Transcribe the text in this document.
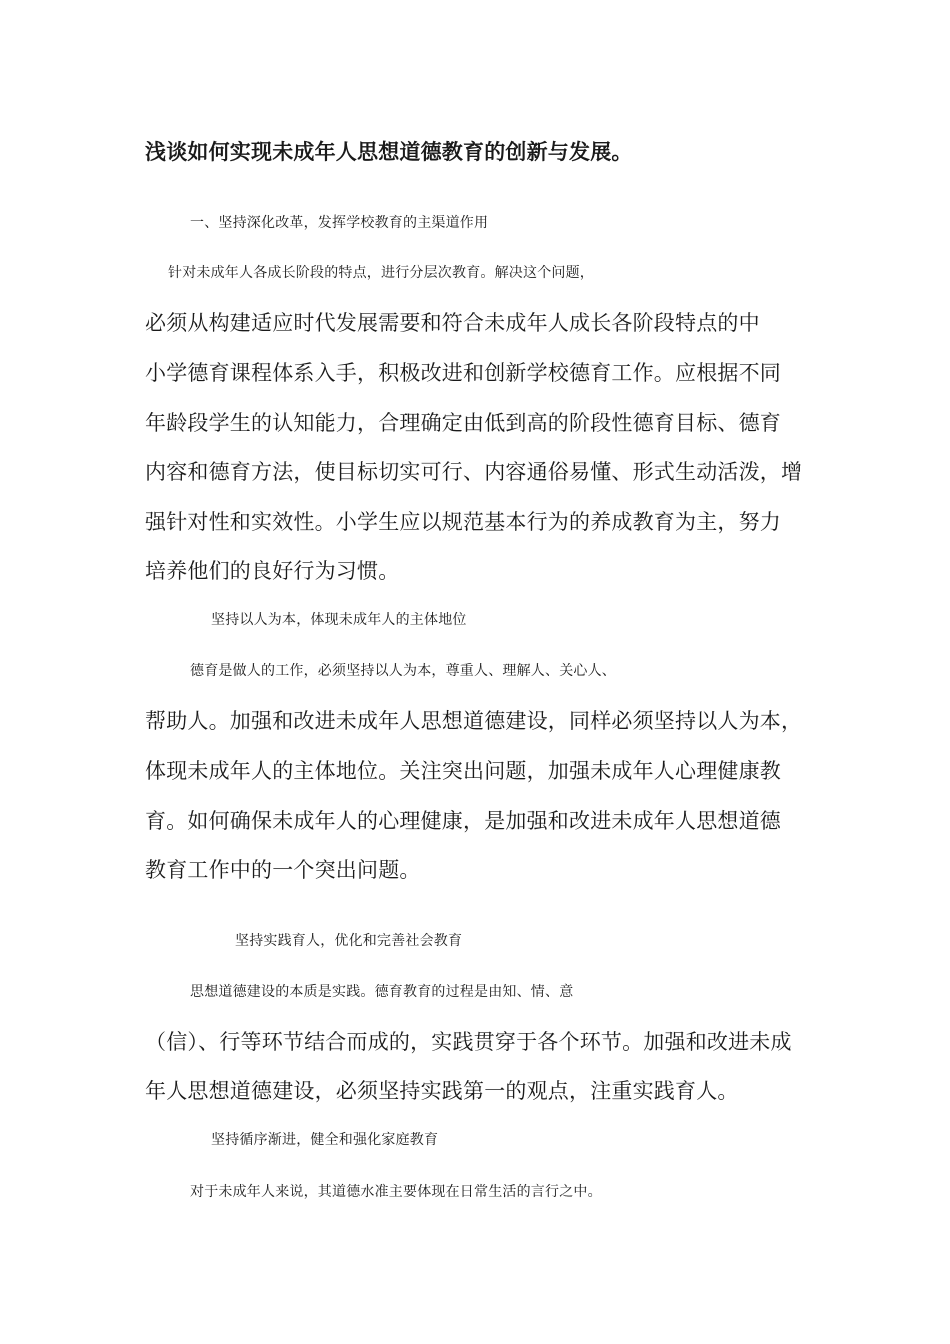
浅谈如何实现未成年人思想道德教育的创新与发展。
一、坚持深化改革，发挥学校教育的主渠道作用
针对未成年人各成长阶段的特点，进行分层次教育。解决这个问题，
必须从构建适应时代发展需要和符合未成年人成长各阶段特点的中
小学德育课程体系入手，积极改进和创新学校德育工作。应根据不同
年龄段学生的认知能力，合理确定由低到高的阶段性德育目标、德育
内容和德育方法，使目标切实可行、内容通俗易懂、形式生动活泼，增
强针对性和实效性。小学生应以规范基本行为的养成教育为主，努力
培养他们的良好行为习惯。
坚持以人为本，体现未成年人的主体地位
德育是做人的工作，必须坚持以人为本，尊重人、理解人、关心人、
帮助人。加强和改进未成年人思想道德建设，同样必须坚持以人为本，
体现未成年人的主体地位。关注突出问题，加强未成年人心理健康教
育。如何确保未成年人的心理健康，是加强和改进未成年人思想道德
教育工作中的一个突出问题。
坚持实践育人，优化和完善社会教育
思想道德建设的本质是实践。德育教育的过程是由知、情、意
（信）、行等环节结合而成的，实践贯穿于各个环节。加强和改进未成
年人思想道德建设，必须坚持实践第一的观点，注重实践育人。
坚持循序渐进，健全和强化家庭教育
对于未成年人来说，其道德水准主要体现在日常生活的言行之中。
